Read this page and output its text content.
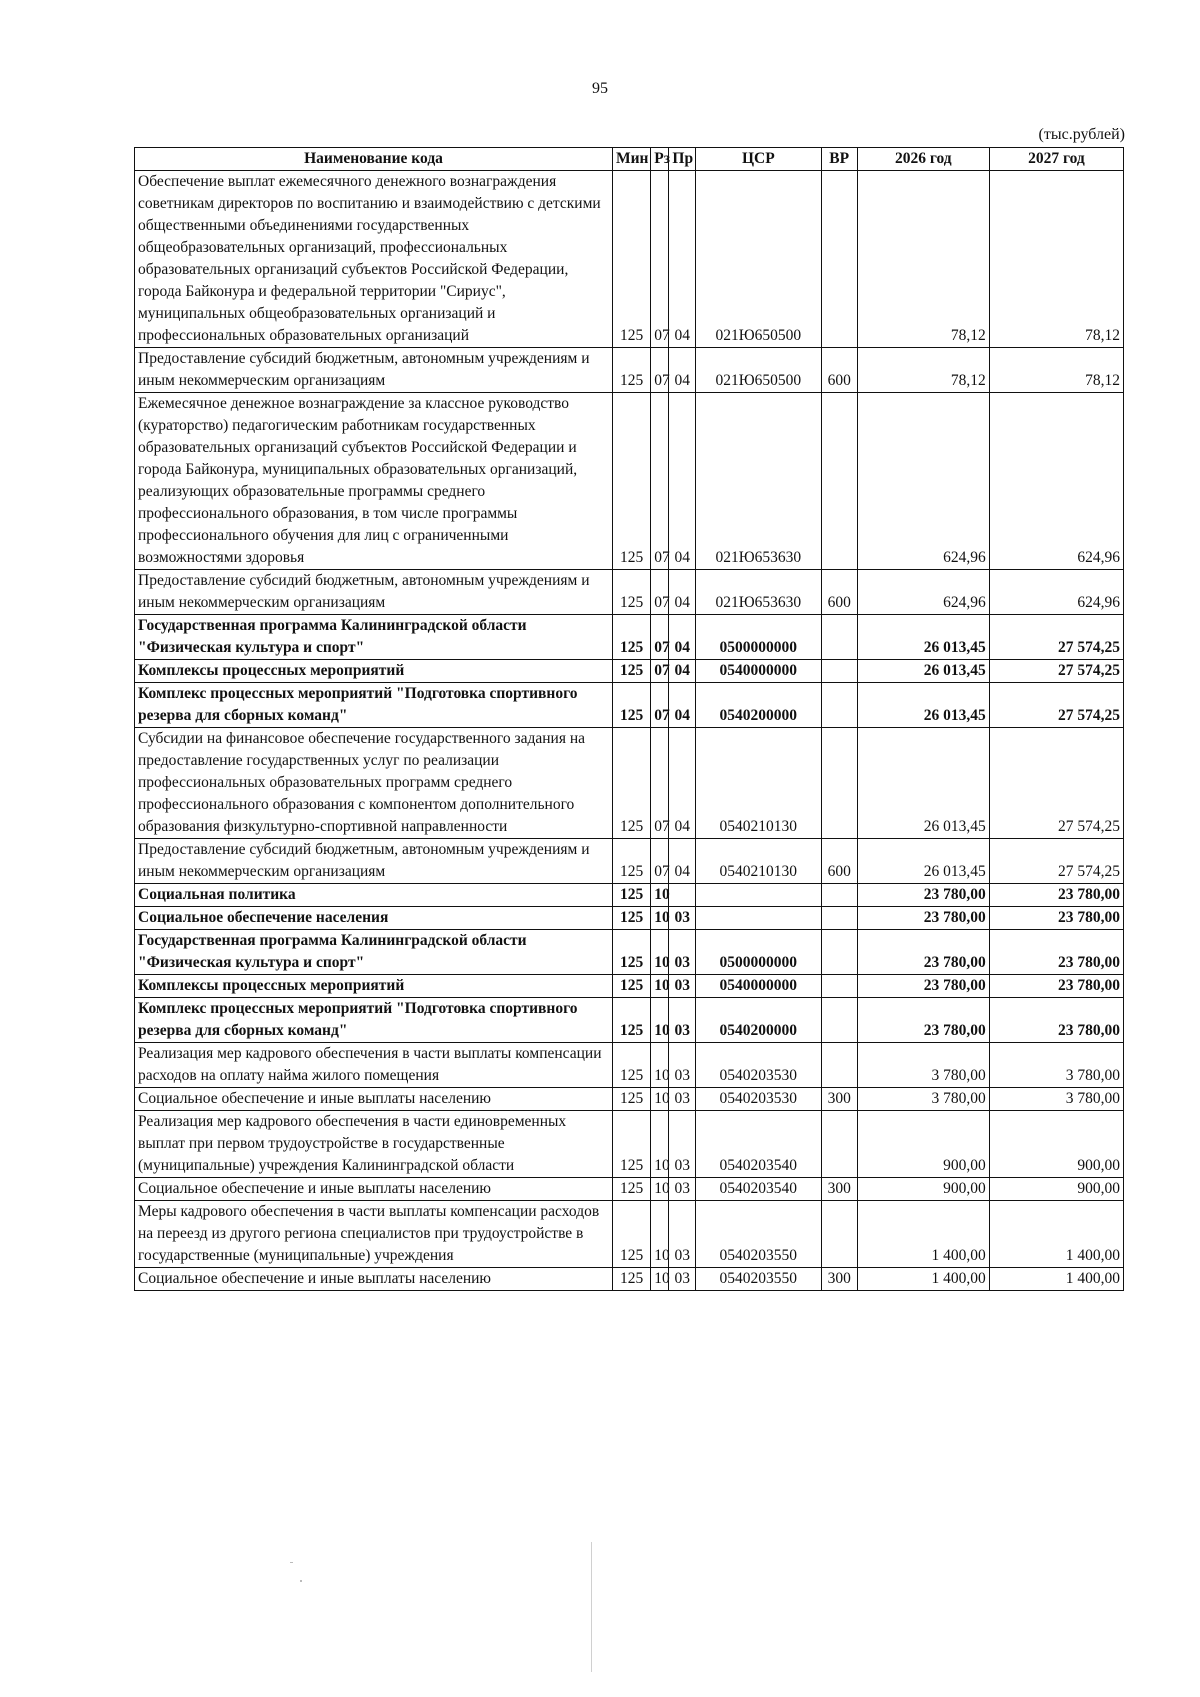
95
(тыс.рублей)
Наименование кода	Мин	Рз	Пр	ЦСР	ВР	2026 год	2027 год
Обеспечение выплат ежемесячного денежного вознаграждения советникам директоров по воспитанию и взаимодействию с детскими общественными объединениями государственных общеобразовательных организаций, профессиональных образовательных организаций субъектов Российской Федерации, города Байконура и федеральной территории "Сириус", муниципальных общеобразовательных организаций и профессиональных образовательных организаций	125	07	04	021Ю650500		78,12	78,12
Предоставление субсидий бюджетным, автономным учреждениям и иным некоммерческим организациям	125	07	04	021Ю650500	600	78,12	78,12
Ежемесячное денежное вознаграждение за классное руководство (кураторство) педагогическим работникам государственных образовательных организаций субъектов Российской Федерации и города Байконура, муниципальных образовательных организаций, реализующих образовательные программы среднего профессионального образования, в том числе программы профессионального обучения для лиц с ограниченными возможностями здоровья	125	07	04	021Ю653630		624,96	624,96
Предоставление субсидий бюджетным, автономным учреждениям и иным некоммерческим организациям	125	07	04	021Ю653630	600	624,96	624,96
Государственная программа Калининградской области "Физическая культура и спорт"	125	07	04	0500000000		26 013,45	27 574,25
Комплексы процессных мероприятий	125	07	04	0540000000		26 013,45	27 574,25
Комплекс процессных мероприятий "Подготовка спортивного резерва для сборных команд"	125	07	04	0540200000		26 013,45	27 574,25
Субсидии на финансовое обеспечение государственного задания на предоставление государственных услуг по реализации профессиональных образовательных программ среднего профессионального образования с компонентом дополнительного образования физкультурно-спортивной направленности	125	07	04	0540210130		26 013,45	27 574,25
Предоставление субсидий бюджетным, автономным учреждениям и иным некоммерческим организациям	125	07	04	0540210130	600	26 013,45	27 574,25
Социальная политика	125	10				23 780,00	23 780,00
Социальное обеспечение населения	125	10	03			23 780,00	23 780,00
Государственная программа Калининградской области "Физическая культура и спорт"	125	10	03	0500000000		23 780,00	23 780,00
Комплексы процессных мероприятий	125	10	03	0540000000		23 780,00	23 780,00
Комплекс процессных мероприятий "Подготовка спортивного резерва для сборных команд"	125	10	03	0540200000		23 780,00	23 780,00
Реализация мер кадрового обеспечения в части выплаты компенсации расходов на оплату найма жилого помещения	125	10	03	0540203530		3 780,00	3 780,00
Социальное обеспечение и иные выплаты населению	125	10	03	0540203530	300	3 780,00	3 780,00
Реализация мер кадрового обеспечения в части единовременных выплат при первом трудоустройстве в государственные (муниципальные) учреждения Калининградской области	125	10	03	0540203540		900,00	900,00
Социальное обеспечение и иные выплаты населению	125	10	03	0540203540	300	900,00	900,00
Меры кадрового обеспечения в части выплаты компенсации расходов на переезд из другого региона специалистов при трудоустройстве в государственные (муниципальные) учреждения	125	10	03	0540203550		1 400,00	1 400,00
Социальное обеспечение и иные выплаты населению	125	10	03	0540203550	300	1 400,00	1 400,00
